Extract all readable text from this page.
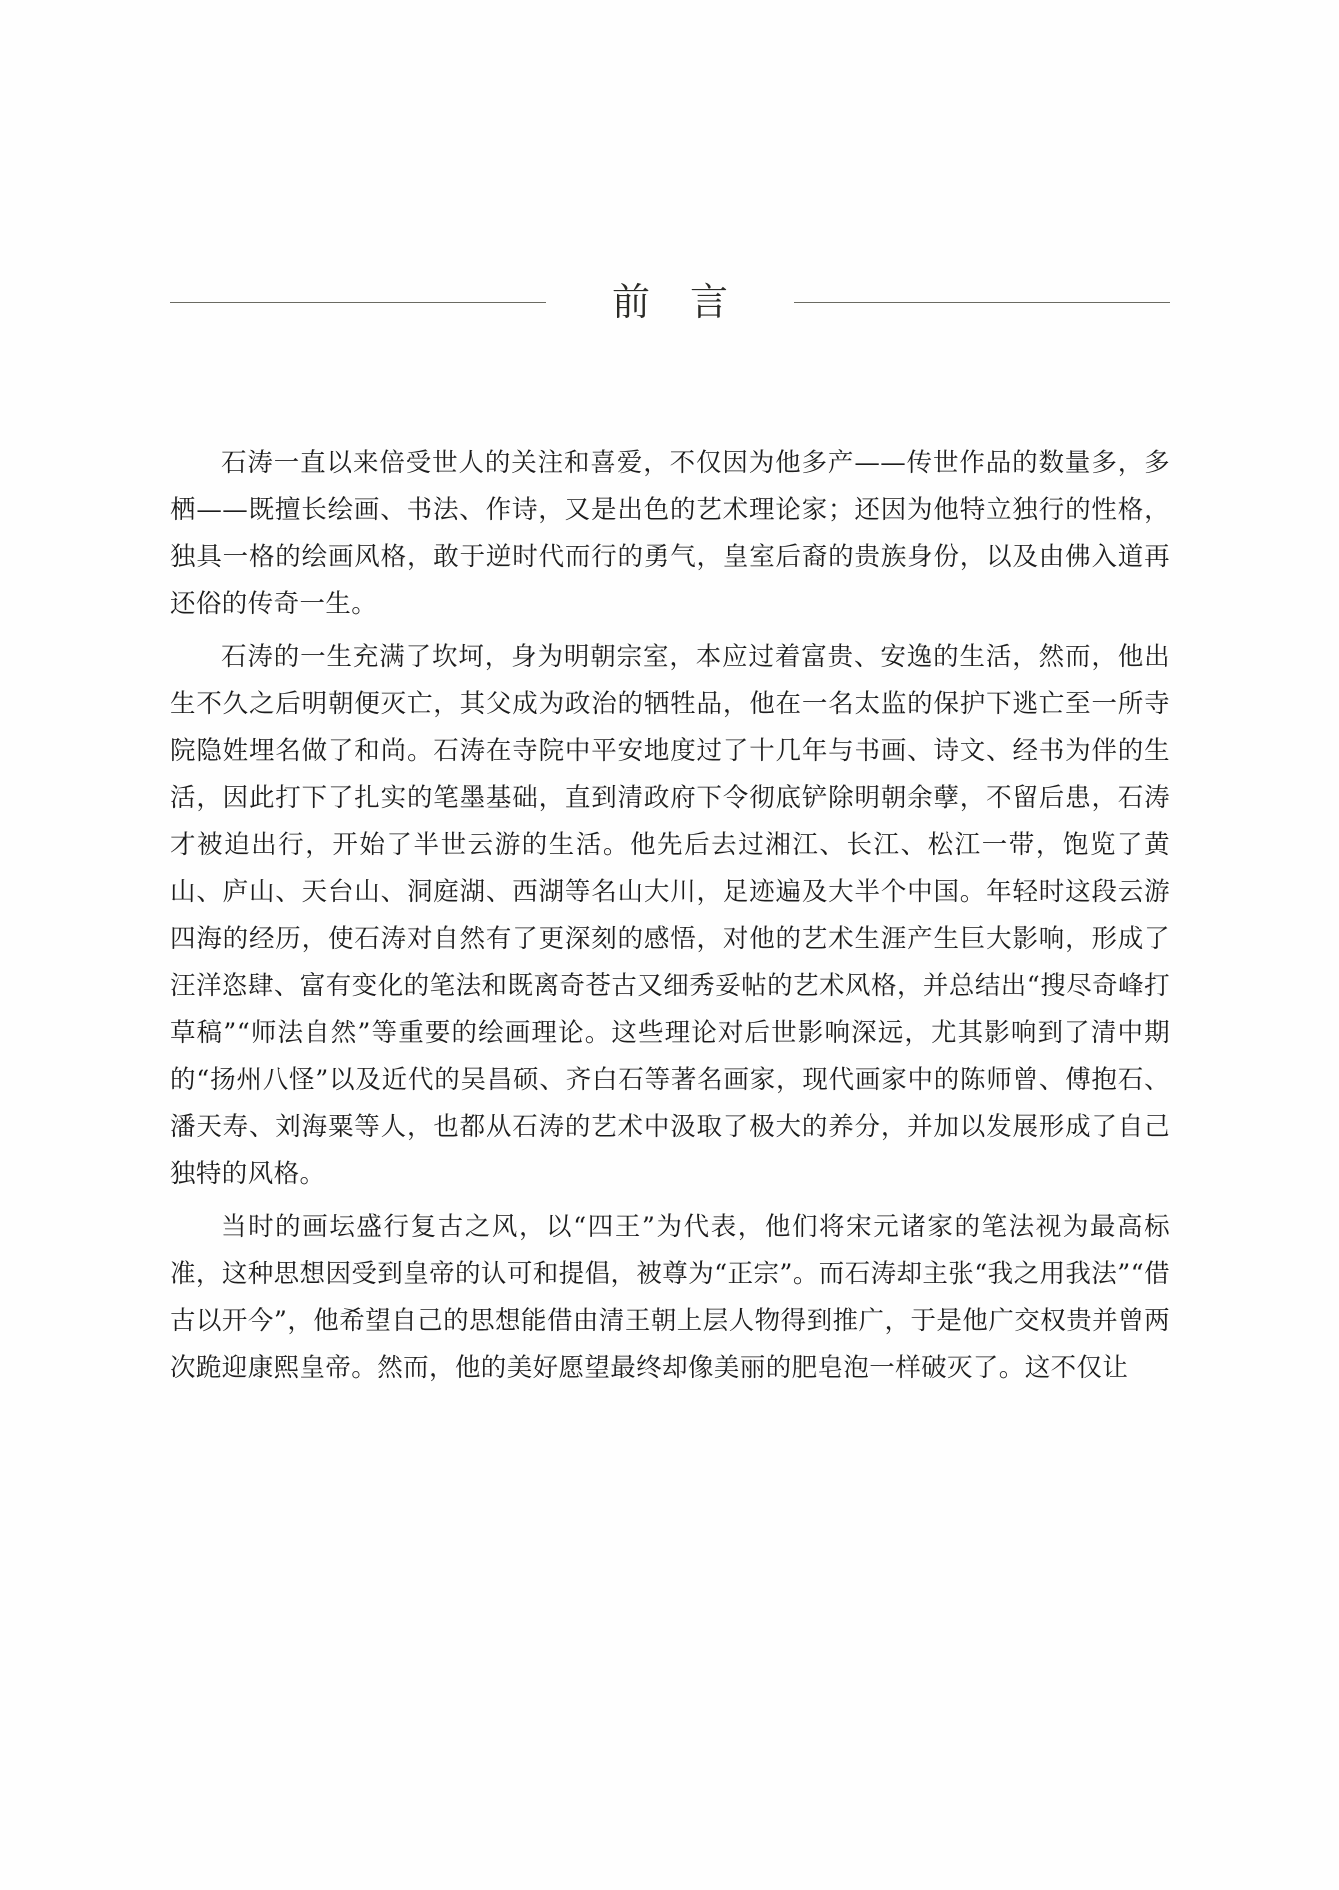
前 言

石涛一直以来倍受世人的关注和喜爱，不仅因为他多产——传世作品的数量多，多栖——既擅长绘画、书法、作诗，又是出色的艺术理论家；还因为他特立独行的性格，独具一格的绘画风格，敢于逆时代而行的勇气，皇室后裔的贵族身份，以及由佛入道再还俗的传奇一生。

石涛的一生充满了坎坷，身为明朝宗室，本应过着富贵、安逸的生活，然而，他出生不久之后明朝便灭亡，其父成为政治的牺牲品，他在一名太监的保护下逃亡至一所寺院隐姓埋名做了和尚。石涛在寺院中平安地度过了十几年与书画、诗文、经书为伴的生活，因此打下了扎实的笔墨基础，直到清政府下令彻底铲除明朝余孽，不留后患，石涛才被迫出行，开始了半世云游的生活。他先后去过湘江、长江、松江一带，饱览了黄山、庐山、天台山、洞庭湖、西湖等名山大川，足迹遍及大半个中国。年轻时这段云游四海的经历，使石涛对自然有了更深刻的感悟，对他的艺术生涯产生巨大影响，形成了汪洋恣肆、富有变化的笔法和既离奇苍古又细秀妥帖的艺术风格，并总结出“搜尽奇峰打草稿”“师法自然”等重要的绘画理论。这些理论对后世影响深远，尤其影响到了清中期的“扬州八怪”以及近代的吴昌硕、齐白石等著名画家，现代画家中的陈师曾、傅抱石、潘天寿、刘海粟等人，也都从石涛的艺术中汲取了极大的养分，并加以发展形成了自己独特的风格。

当时的画坛盛行复古之风，以“四王”为代表，他们将宋元诸家的笔法视为最高标准，这种思想因受到皇帝的认可和提倡，被尊为“正宗”。而石涛却主张“我之用我法”“借古以开今”，他希望自己的思想能借由清王朝上层人物得到推广，于是他广交权贵并曾两次跪迎康熙皇帝。然而，他的美好愿望最终却像美丽的肥皂泡一样破灭了。这不仅让
